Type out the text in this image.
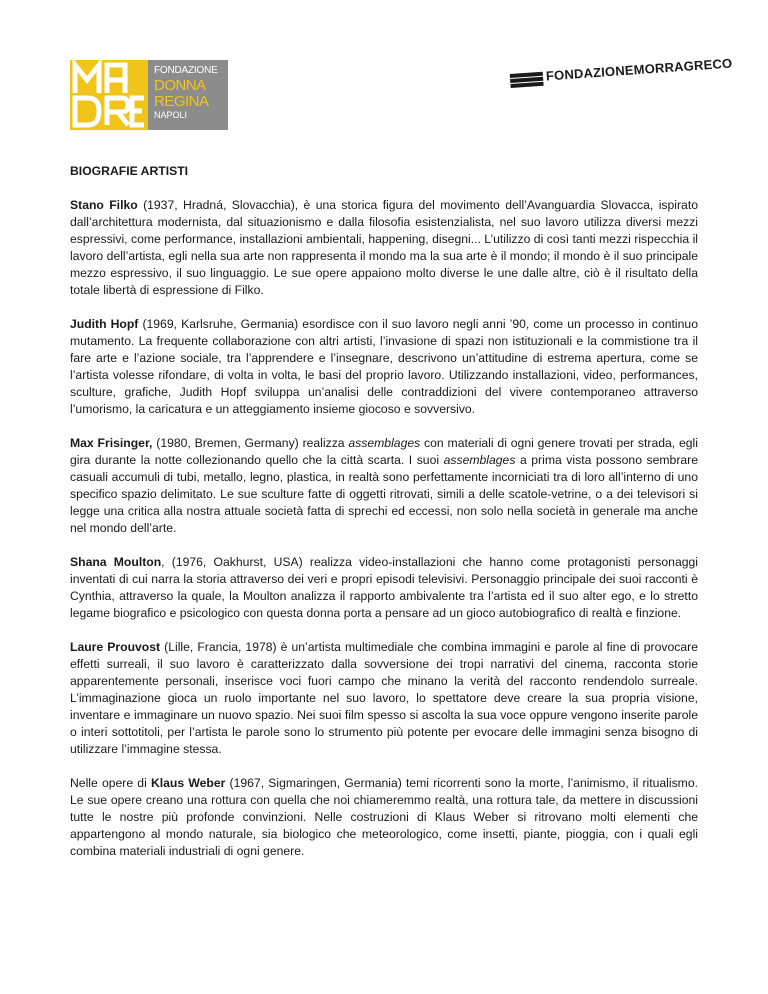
FONDAZIONE
DONNA
REGINA
NAPOLI
FONDAZIONEMORRAGRECO
BIOGRAFIE ARTISTI

Stano Filko (1937, Hradná, Slovacchia), è una storica figura del movimento dell’Avanguardia Slovacca, ispirato dall’architettura modernista, dal situazionismo e dalla filosofia esistenzialista, nel suo lavoro utilizza diversi mezzi espressivi, come performance, installazioni ambientali, happening, disegni... L’utilizzo di così tanti mezzi rispecchia il lavoro dell’artista, egli nella sua arte non rappresenta il mondo ma la sua arte è il mondo; il mondo è il suo principale mezzo espressivo, il suo linguaggio. Le sue opere appaiono molto diverse le une dalle altre, ciò è il risultato della totale libertà di espressione di Filko.

Judith Hopf (1969, Karlsruhe, Germania) esordisce con il suo lavoro negli anni ’90, come un processo in continuo mutamento. La frequente collaborazione con altri artisti, l’invasione di spazi non istituzionali e la commistione tra il fare arte e l’azione sociale, tra l’apprendere e l’insegnare, descrivono un’attitudine di estrema apertura, come se l’artista volesse rifondare, di volta in volta, le basi del proprio lavoro. Utilizzando installazioni, video, performances, sculture, grafiche, Judith Hopf sviluppa un’analisi delle contraddizioni del vivere contemporaneo attraverso l’umorismo, la caricatura e un atteggiamento insieme giocoso e sovversivo.

Max Frisinger, (1980, Bremen, Germany) realizza assemblages con materiali di ogni genere trovati per strada, egli gira durante la notte collezionando quello che la città scarta. I suoi assemblages a prima vista possono sembrare casuali accumuli di tubi, metallo, legno, plastica, in realtà sono perfettamente incorniciati tra di loro all’interno di uno specifico spazio delimitato. Le sue sculture fatte di oggetti ritrovati, simili a delle scatole-vetrine, o a dei televisori si legge una critica alla nostra attuale società fatta di sprechi ed eccessi, non solo nella società in generale ma anche nel mondo dell’arte.

Shana Moulton, (1976, Oakhurst, USA) realizza video-installazioni che hanno come protagonisti personaggi inventati di cui narra la storia attraverso dei veri e propri episodi televisivi. Personaggio principale dei suoi racconti è Cynthia, attraverso la quale, la Moulton analizza il rapporto ambivalente tra l’artista ed il suo alter ego, e lo stretto legame biografico e psicologico con questa donna porta a pensare ad un gioco autobiografico di realtà e finzione.

Laure Prouvost (Lille, Francia, 1978) è un’artista multimediale che combina immagini e parole al fine di provocare effetti surreali, il suo lavoro è caratterizzato dalla sovversione dei tropi narrativi del cinema, racconta storie apparentemente personali, inserisce voci fuori campo che minano la verità del racconto rendendolo surreale. L’immaginazione gioca un ruolo importante nel suo lavoro, lo spettatore deve creare la sua propria visione, inventare e immaginare un nuovo spazio. Nei suoi film spesso si ascolta la sua voce oppure vengono inserite parole o interi sottotitoli, per l’artista le parole sono lo strumento più potente per evocare delle immagini senza bisogno di utilizzare l’immagine stessa.

Nelle opere di Klaus Weber (1967, Sigmaringen, Germania) temi ricorrenti sono la morte, l’animismo, il ritualismo. Le sue opere creano una rottura con quella che noi chiameremmo realtà, una rottura tale, da mettere in discussioni tutte le nostre più profonde convinzioni. Nelle costruzioni di Klaus Weber si ritrovano molti elementi che appartengono al mondo naturale, sia biologico che meteorologico, come insetti, piante, pioggia, con i quali egli combina materiali industriali di ogni genere.
